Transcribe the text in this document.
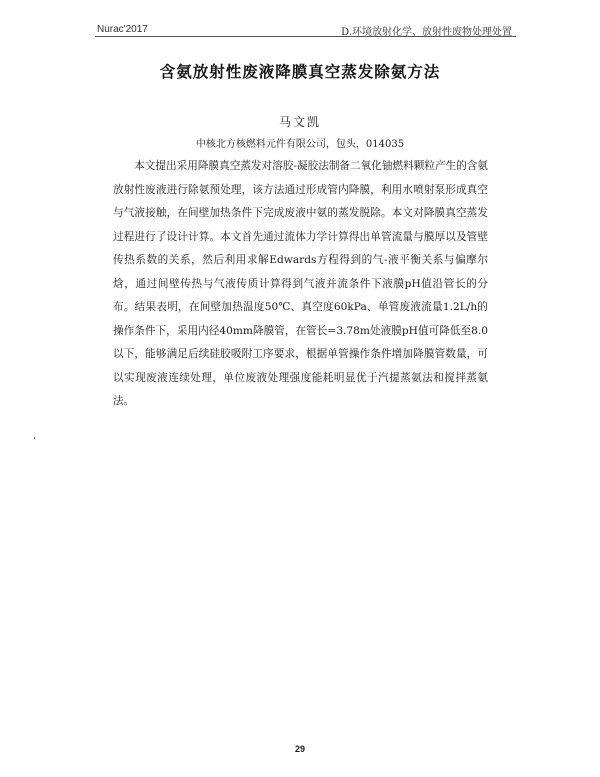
Nurac'2017	D.环境放射化学、放射性废物处理处置
含氨放射性废液降膜真空蒸发除氨方法
马文凯
中核北方核燃料元件有限公司，包头，014035

本文提出采用降膜真空蒸发对溶胶-凝胶法制备二氧化铀燃料颗粒产生的含氨放射性废液进行除氨预处理，该方法通过形成管内降膜，利用水喷射泵形成真空与气液接触，在间壁加热条件下完成废液中氨的蒸发脱除。本文对降膜真空蒸发过程进行了设计计算。本文首先通过流体力学计算得出单管流量与膜厚以及管壁传热系数的关系，然后利用求解Edwards方程得到的气-液平衡关系与偏摩尔焓，通过间壁传热与气液传质计算得到气液并流条件下液膜pH值沿管长的分布。结果表明，在间壁加热温度50℃、真空度60kPa、单管废液流量1.2L/h的操作条件下，采用内径40mm降膜管，在管长=3.78m处液膜pH值可降低至8.0以下，能够满足后续硅胶吸附工序要求，根据单管操作条件增加降膜管数量，可以实现废液连续处理，单位废液处理强度能耗明显优于汽提蒸氨法和搅拌蒸氨法。

29
